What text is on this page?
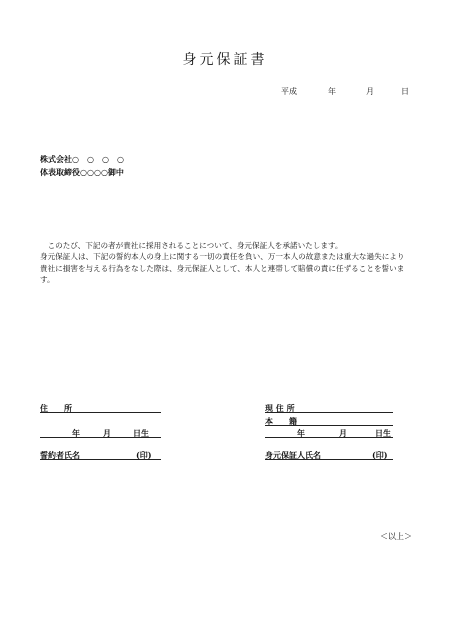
身元保証書
平成	年	月	日
株式会社○　○　○　○
体表取締役○○○○御中

　このたび、下記の者が貴社に採用されることについて、身元保証人を承諾いたします。

身元保証人は、下記の誓約本人の身上に関する一切の責任を負い、万一本人の故意または重大な過失により貴社に損害を与える行為をなした際は、身元保証人として、本人と連帯して賠償の責に任ずることを誓います。

住　　所
年	月	日生
誓約者氏名	(印)
現 住 所
本　　籍
年	月	日生
身元保証人氏名	(印)
＜以上＞
